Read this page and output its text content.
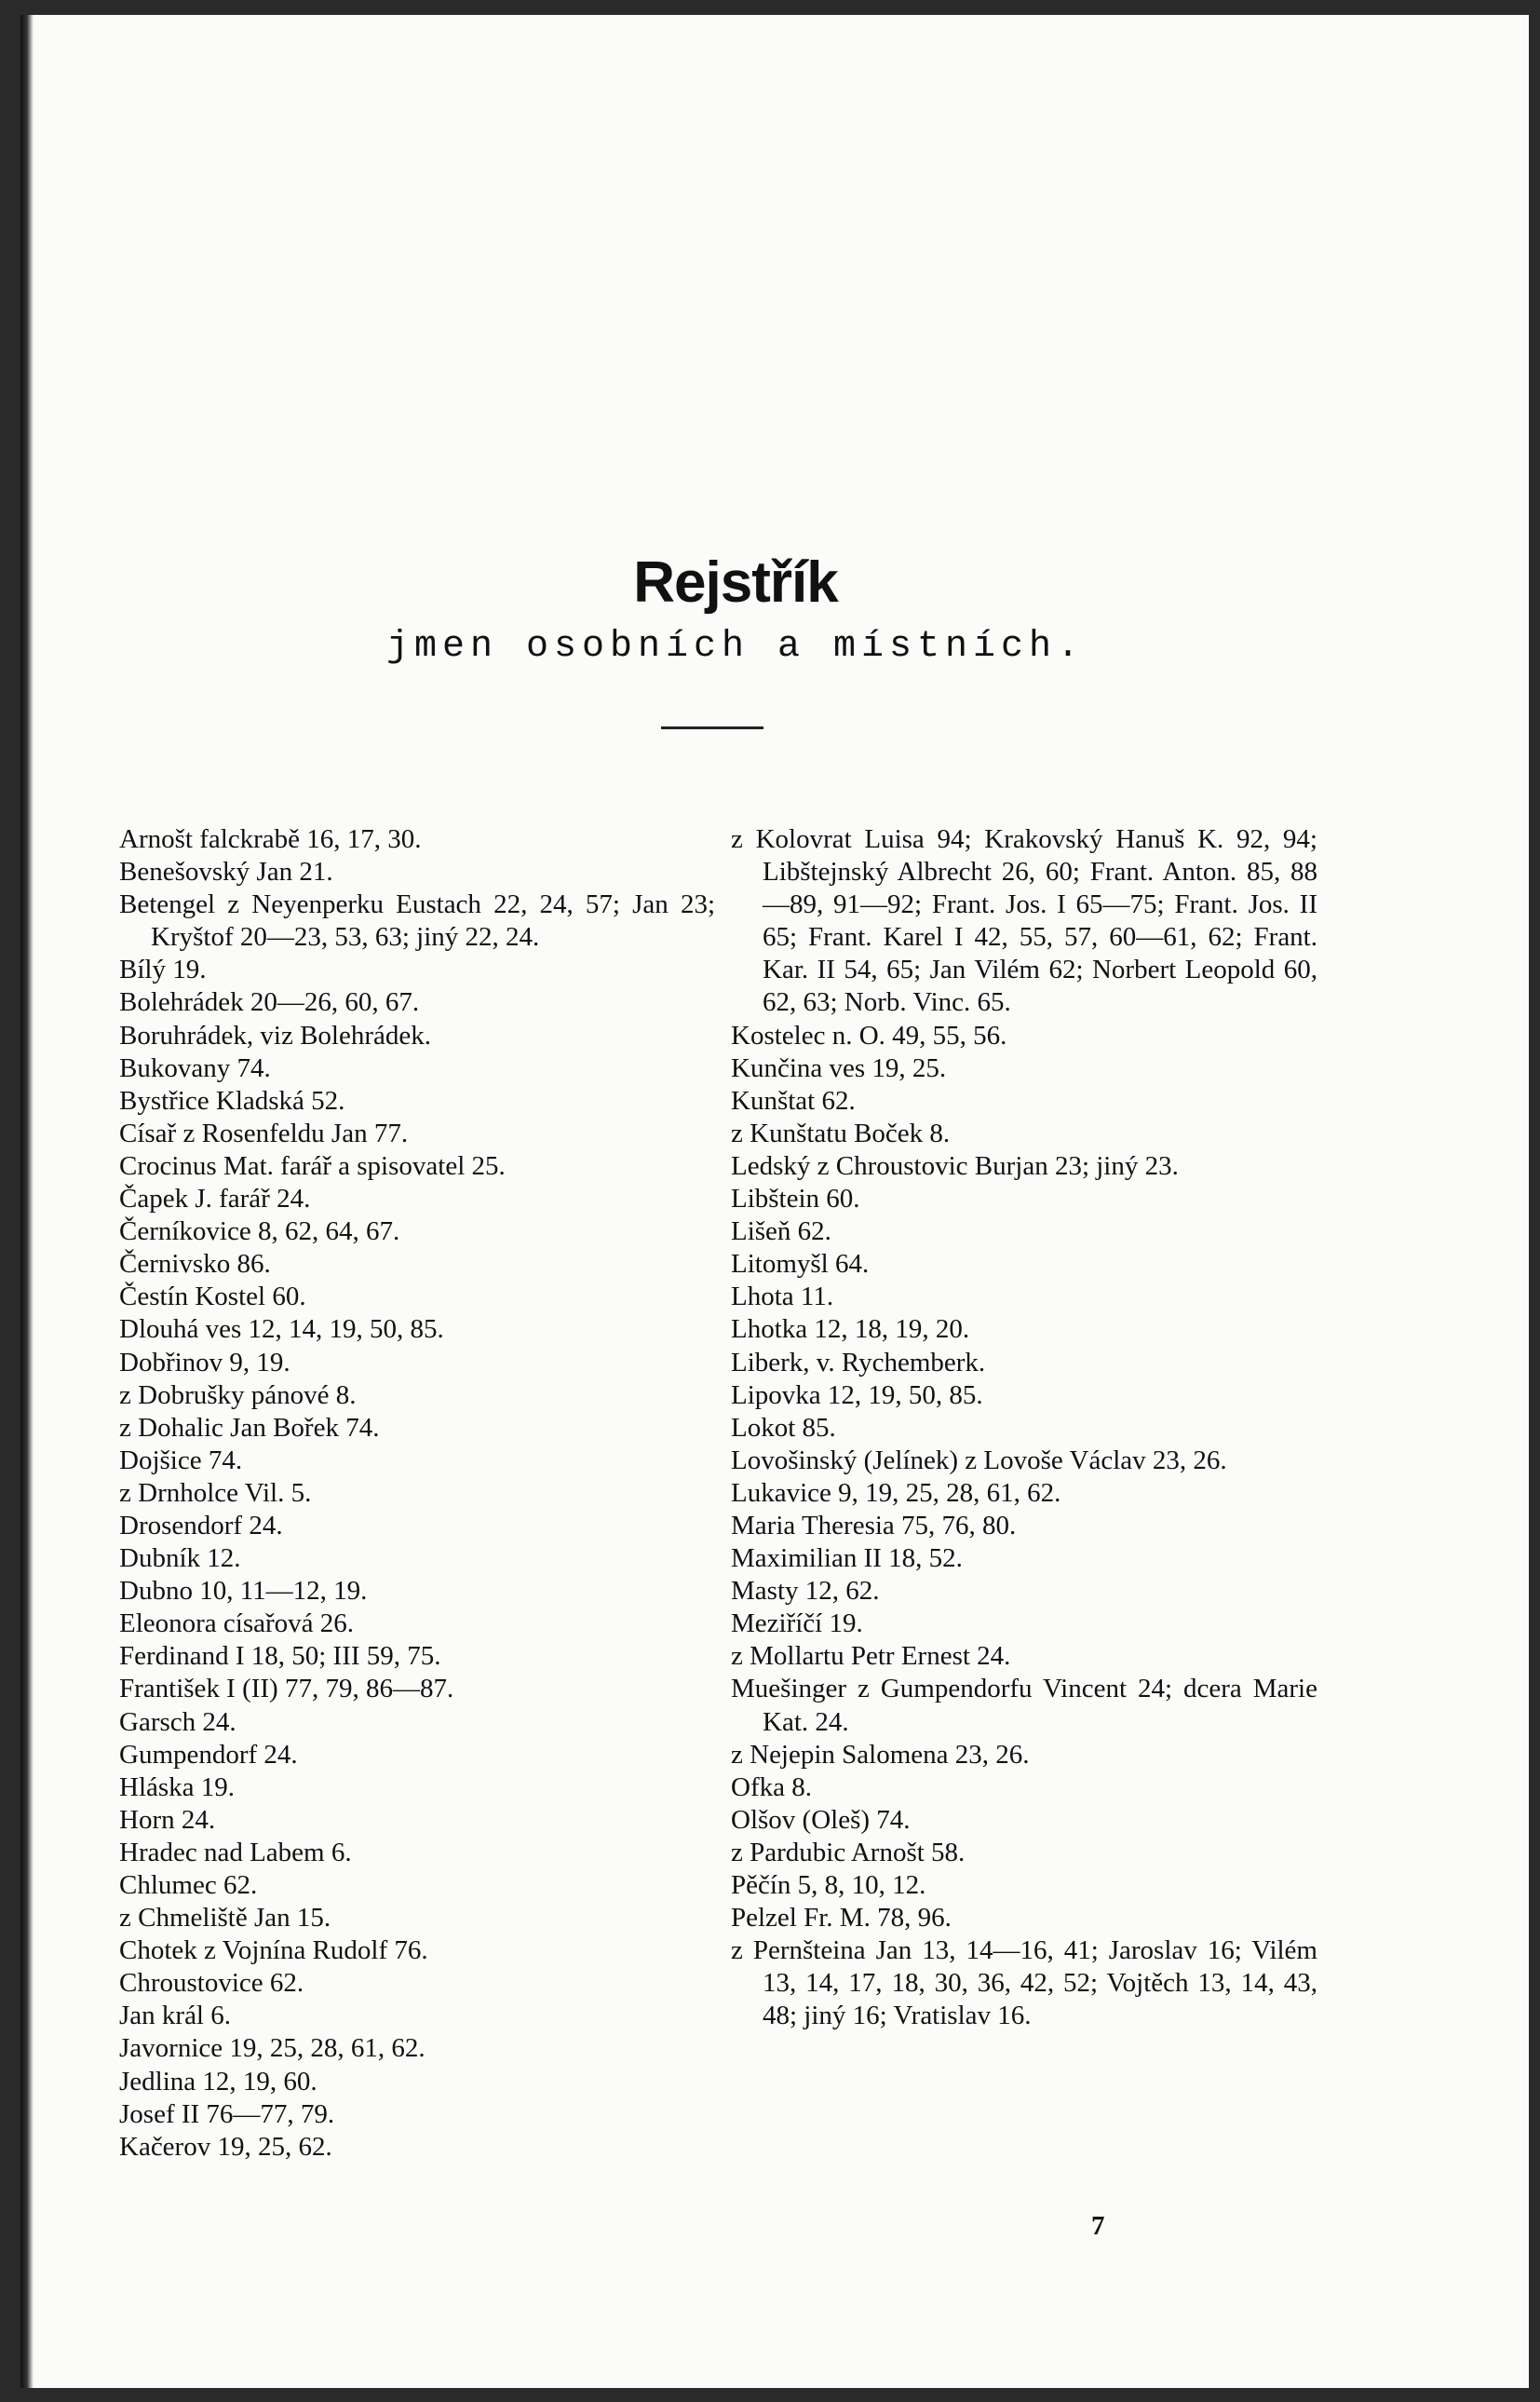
Rejstřík
jmen osobních a místních.
Arnošt falckrabě 16, 17, 30.
Benešovský Jan 21.
Betengel z Neyenperku Eustach 22, 24, 57; Jan 23; Kryštof 20—23, 53, 63; jiný 22, 24.
Bílý 19.
Bolehrádek 20—26, 60, 67.
Boruhrádek, viz Bolehrádek.
Bukovany 74.
Bystřice Kladská 52.
Císař z Rosenfeldu Jan 77.
Crocinus Mat. farář a spisovatel 25.
Čapek J. farář 24.
Černíkovice 8, 62, 64, 67.
Černivsko 86.
Čestín Kostel 60.
Dlouhá ves 12, 14, 19, 50, 85.
Dobřinov 9, 19.
z Dobrušky pánové 8.
z Dohalic Jan Bořek 74.
Dojšice 74.
z Drnholce Vil. 5.
Drosendorf 24.
Dubník 12.
Dubno 10, 11—12, 19.
Eleonora císařová 26.
Ferdinand I 18, 50; III 59, 75.
František I (II) 77, 79, 86—87.
Garsch 24.
Gumpendorf 24.
Hláska 19.
Horn 24.
Hradec nad Labem 6.
Chlumec 62.
z Chmeliště Jan 15.
Chotek z Vojnína Rudolf 76.
Chroustovice 62.
Jan král 6.
Javornice 19, 25, 28, 61, 62.
Jedlina 12, 19, 60.
Josef II 76—77, 79.
Kačerov 19, 25, 62.
z Kolovrat Luisa 94; Krakovský Hanuš K. 92, 94; Libštejnský Albrecht 26, 60; Frant. Anton. 85, 88—89, 91—92; Frant. Jos. I 65—75; Frant. Jos. II 65; Frant. Karel I 42, 55, 57, 60—61, 62; Frant. Kar. II 54, 65; Jan Vilém 62; Norbert Leopold 60, 62, 63; Norb. Vinc. 65.
Kostelec n. O. 49, 55, 56.
Kunčina ves 19, 25.
Kunštat 62.
z Kunštatu Boček 8.
Ledský z Chroustovic Burjan 23; jiný 23.
Libštein 60.
Lišeň 62.
Litomyšl 64.
Lhota 11.
Lhotka 12, 18, 19, 20.
Liberk, v. Rychemberk.
Lipovka 12, 19, 50, 85.
Lokot 85.
Lovošinský (Jelínek) z Lovoše Václav 23, 26.
Lukavice 9, 19, 25, 28, 61, 62.
Maria Theresia 75, 76, 80.
Maximilian II 18, 52.
Masty 12, 62.
Meziříčí 19.
z Mollartu Petr Ernest 24.
Muešinger z Gumpendorfu Vincent 24; dcera Marie Kat. 24.
z Nejepin Salomena 23, 26.
Ofka 8.
Olšov (Oleš) 74.
z Pardubic Arnošt 58.
Pěčín 5, 8, 10, 12.
Pelzel Fr. M. 78, 96.
z Pernšteina Jan 13, 14—16, 41; Jaroslav 16; Vilém 13, 14, 17, 18, 30, 36, 42, 52; Vojtěch 13, 14, 43, 48; jiný 16; Vratislav 16.
7
